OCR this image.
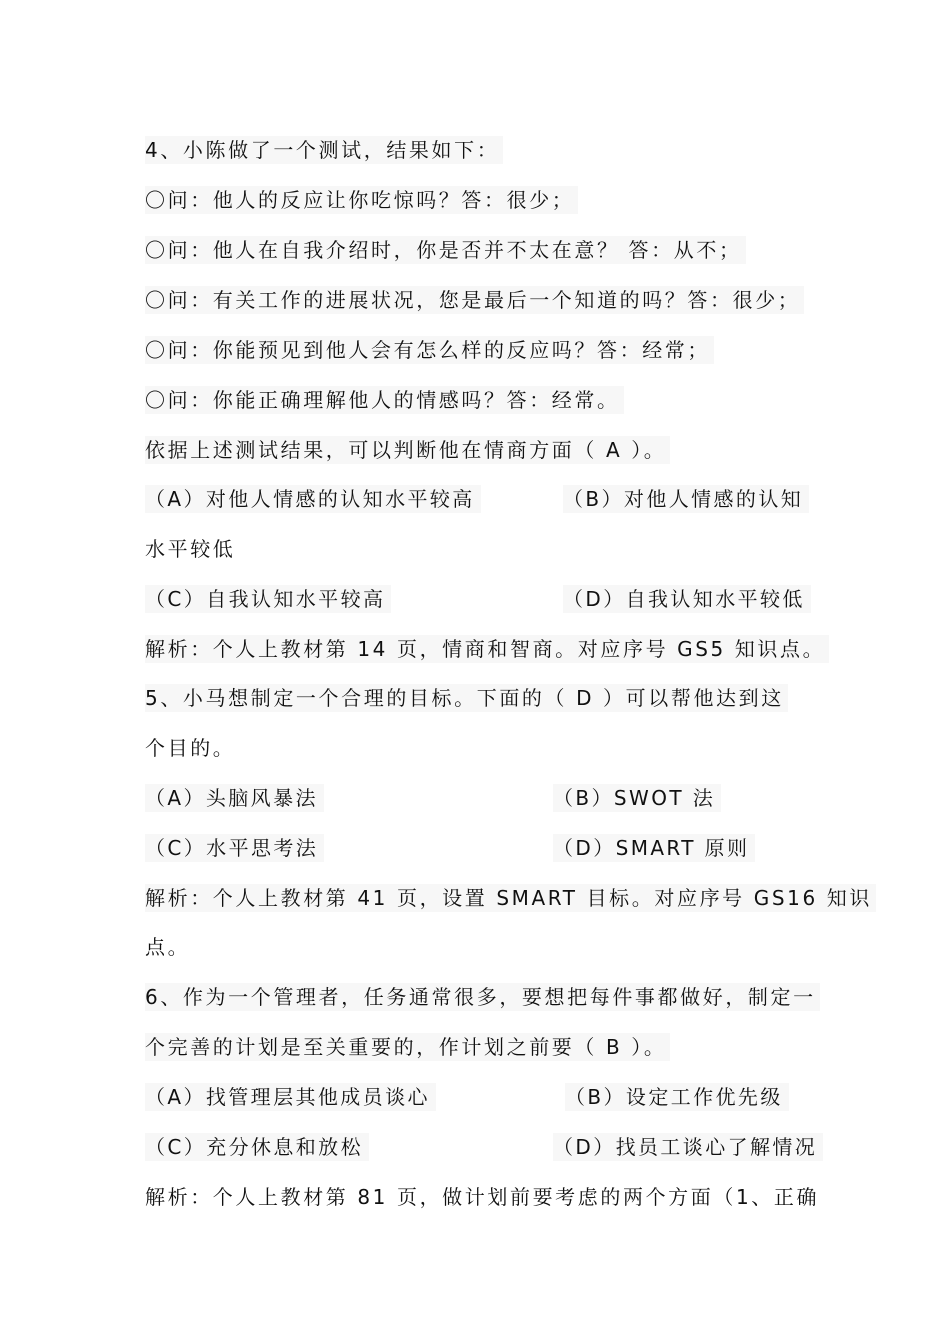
4、小陈做了一个测试，结果如下：
〇问：他人的反应让你吃惊吗？答：很少；
〇问：他人在自我介绍时，你是否并不太在意？ 答：从不；
〇问：有关工作的进展状况，您是最后一个知道的吗？答：很少；
〇问：你能预见到他人会有怎么样的反应吗？答：经常；
〇问：你能正确理解他人的情感吗？答：经常。
依据上述测试结果，可以判断他在情商方面（ A ）。
（A）对他人情感的认知水平较高	（B）对他人情感的认知
水平较低
（C）自我认知水平较高	（D）自我认知水平较低
解析：个人上教材第 14 页，情商和智商。对应序号 GS5 知识点。
5、小马想制定一个合理的目标。下面的（ D ）可以帮他达到这
个目的。
（A）头脑风暴法	（B）SWOT 法
（C）水平思考法	（D）SMART 原则
解析：个人上教材第 41 页，设置 SMART 目标。对应序号 GS16 知识
点。
6、作为一个管理者，任务通常很多，要想把每件事都做好，制定一
个完善的计划是至关重要的，作计划之前要（ B ）。
（A）找管理层其他成员谈心	（B）设定工作优先级
（C）充分休息和放松	（D）找员工谈心了解情况
解析：个人上教材第 81 页，做计划前要考虑的两个方面（1、正确
